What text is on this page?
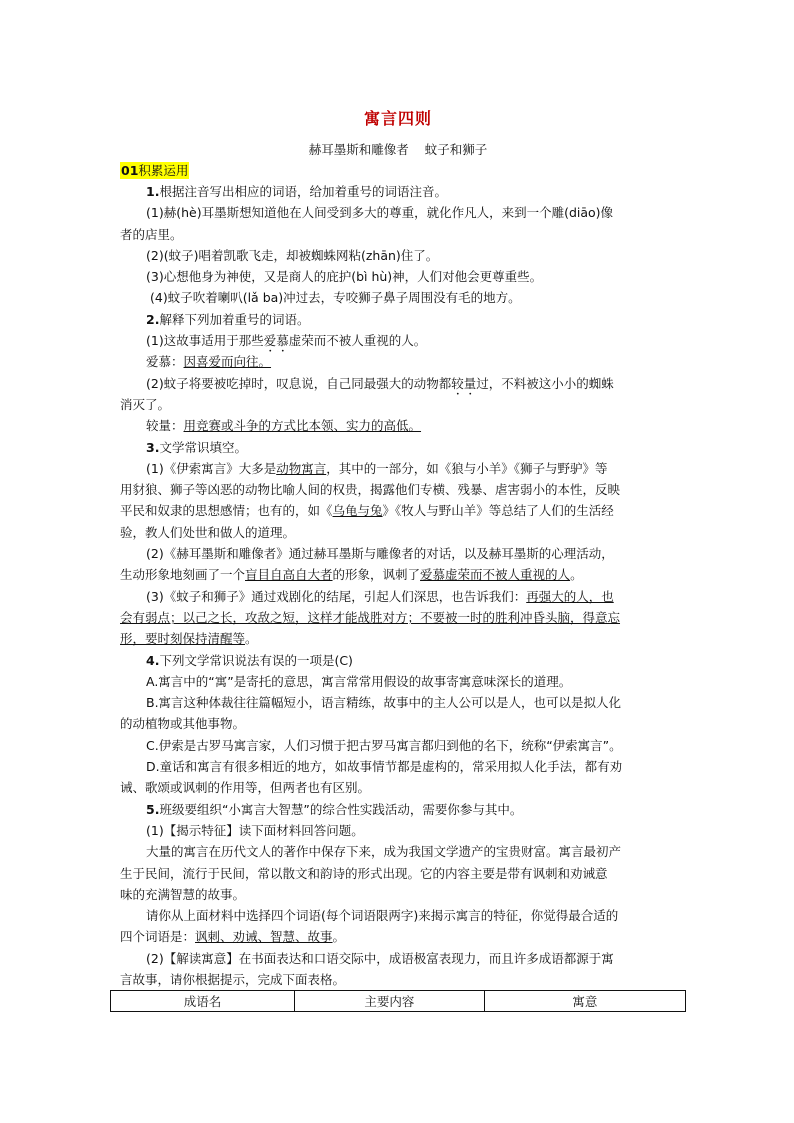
寓言四则
赫耳墨斯和雕像者 蚊子和狮子
01积累运用
1.根据注音写出相应的词语，给加着重号的词语注音。
(1)赫(hè)耳墨斯想知道他在人间受到多大的尊重，就化作凡人，来到一个雕(diāo)像
者的店里。
(2)(蚊子)唱着凯歌飞走，却被蜘蛛网粘(zhān)住了。
(3)心想他身为神使，又是商人的庇护(bì hù)神，人们对他会更尊重些。
(4)蚊子吹着喇叭(lǎ ba)冲过去，专咬狮子鼻子周围没有毛的地方。
2.解释下列加着重号的词语。
(1)这故事适用于那些爱慕虚荣而不被人重视的人。
爱慕：因喜爱而向往。
(2)蚊子将要被吃掉时，叹息说，自己同最强大的动物都较量过，不料被这小小的蜘蛛
消灭了。
较量：用竞赛或斗争的方式比本领、实力的高低。
3.文学常识填空。
(1)《伊索寓言》大多是动物寓言，其中的一部分，如《狼与小羊》《狮子与野驴》等
用豺狼、狮子等凶恶的动物比喻人间的权贵，揭露他们专横、残暴、虐害弱小的本性，反映
平民和奴隶的思想感情；也有的，如《乌龟与兔》《牧人与野山羊》等总结了人们的生活经
验，教人们处世和做人的道理。
(2)《赫耳墨斯和雕像者》通过赫耳墨斯与雕像者的对话，以及赫耳墨斯的心理活动，
生动形象地刻画了一个盲目自高自大者的形象，讽刺了爱慕虚荣而不被人重视的人。
(3)《蚊子和狮子》通过戏剧化的结尾，引起人们深思，也告诉我们：再强大的人，也
会有弱点；以己之长，攻敌之短，这样才能战胜对方；不要被一时的胜利冲昏头脑，得意忘
形，要时刻保持清醒等。
4.下列文学常识说法有误的一项是(C)
A.寓言中的“寓”是寄托的意思，寓言常常用假设的故事寄寓意味深长的道理。
B.寓言这种体裁往往篇幅短小，语言精练，故事中的主人公可以是人，也可以是拟人化
的动植物或其他事物。
C.伊索是古罗马寓言家，人们习惯于把古罗马寓言都归到他的名下，统称“伊索寓言”。
D.童话和寓言有很多相近的地方，如故事情节都是虚构的，常采用拟人化手法，都有劝
诫、歌颂或讽刺的作用等，但两者也有区别。
5.班级要组织“小寓言大智慧”的综合性实践活动，需要你参与其中。
(1)【揭示特征】读下面材料回答问题。
大量的寓言在历代文人的著作中保存下来，成为我国文学遗产的宝贵财富。寓言最初产
生于民间，流行于民间，常以散文和韵诗的形式出现。它的内容主要是带有讽刺和劝诫意
味的充满智慧的故事。
请你从上面材料中选择四个词语(每个词语限两字)来揭示寓言的特征，你觉得最合适的
四个词语是：讽刺、劝诫、智慧、故事。
(2)【解读寓意】在书面表达和口语交际中，成语极富表现力，而且许多成语都源于寓
言故事，请你根据提示，完成下面表格。
成语名	主要内容	寓意
